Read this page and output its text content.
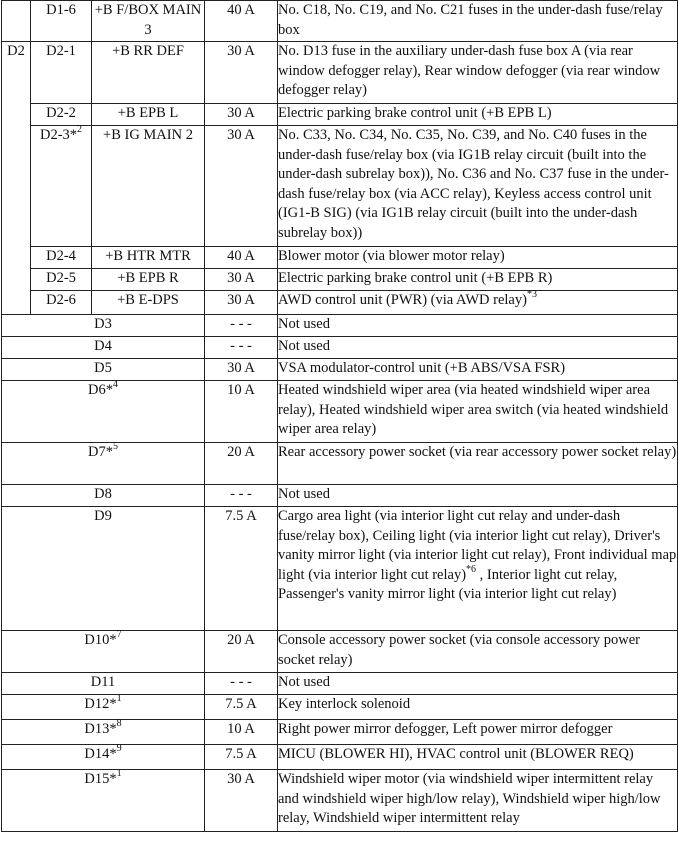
	D1-6	+B F/BOX MAIN 3	40 A	No. C18, No. C19, and No. C21 fuses in the under-dash fuse/relay box
D2	D2-1	+B RR DEF	30 A	No. D13 fuse in the auxiliary under-dash fuse box A (via rear window defogger relay), Rear window defogger (via rear window defogger relay)
	D2-2	+B EPB L	30 A	Electric parking brake control unit (+B EPB L)
	D2-3*$^2$	+B IG MAIN 2	30 A	No. C33, No. C34, No. C35, No. C39, and No. C40 fuses in the under-dash fuse/relay box (via IG1B relay circuit (built into the under-dash subrelay box)), No. C36 and No. C37 fuse in the under-dash fuse/relay box (via ACC relay), Keyless access control unit (IG1-B SIG) (via IG1B relay circuit (built into the under-dash subrelay box))
	D2-4	+B HTR MTR	40 A	Blower motor (via blower motor relay)
	D2-5	+B EPB R	30 A	Electric parking brake control unit (+B EPB R)
	D2-6	+B E-DPS	30 A	AWD control unit (PWR) (via AWD relay)$^{*3}$
D3			- - -	Not used
D4			- - -	Not used
D5			30 A	VSA modulator-control unit (+B ABS/VSA FSR)
D6*$^4$			10 A	Heated windshield wiper area (via heated windshield wiper area relay), Heated windshield wiper area switch (via heated windshield wiper area relay)
D7*$^5$			20 A	Rear accessory power socket (via rear accessory power socket relay)
D8			- - -	Not used
D9			7.5 A	Cargo area light (via interior light cut relay and under-dash fuse/relay box), Ceiling light (via interior light cut relay), Driver's vanity mirror light (via interior light cut relay), Front individual map light (via interior light cut relay)$^{*6}$ , Interior light cut relay, Passenger's vanity mirror light (via interior light cut relay)
D10*$^7$			20 A	Console accessory power socket (via console accessory power socket relay)
D11			- - -	Not used
D12*$^1$			7.5 A	Key interlock solenoid
D13*$^8$			10 A	Right power mirror defogger, Left power mirror defogger
D14*$^9$			7.5 A	MICU (BLOWER HI), HVAC control unit (BLOWER REQ)
D15*$^1$			30 A	Windshield wiper motor (via windshield wiper intermittent relay and windshield wiper high/low relay), Windshield wiper high/low relay, Windshield wiper intermittent relay
